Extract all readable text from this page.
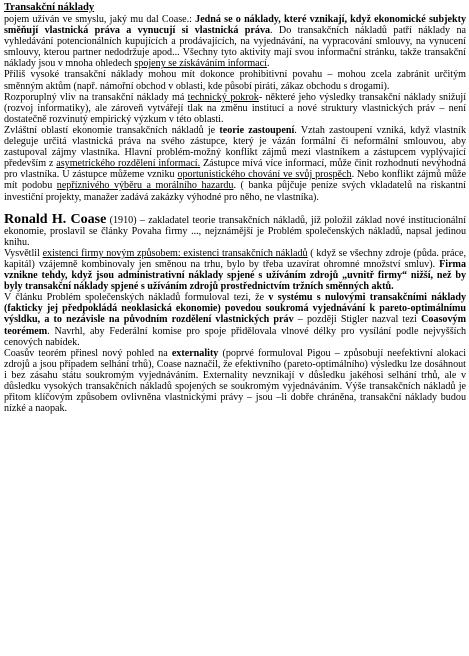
Transakční náklady

pojem užíván ve smyslu, jaký mu dal Coase.: Jedná se o náklady, které vznikají, když ekonomické subjekty směňují vlastnická práva a vynucují si vlastnická práva. Do transakčních nákladů patří náklady na vyhledávání potencionálních kupujících a prodávajících, na vyjednávání, na vypracování smlouvy, na vynucení smlouvy, kterou partner nedodržuje apod... Všechny tyto aktivity mají svou informační stránku, takže transakční náklady jsou v mnoha ohledech spojeny se získáváním informací.

Příliš vysoké transakční náklady mohou mít dokonce prohibitivní povahu – mohou zcela zabránit určitým směnným aktům (např. námořní obchod v oblasti, kde působí piráti, zákaz obchodu s drogami).

Rozporuplný vliv na transakční náklady má technický pokrok- některé jeho výsledky transakční náklady snižují (rozvoj informatiky), ale zároveň vytvářejí tlak na změnu institucí a nové struktury vlastnických práv – není dostatečně rozvinutý empirický výzkum v této oblasti.

Zvláštní oblastí ekonomie transakčních nákladů je teorie zastoupení. Vztah zastoupení vzniká, když vlastník deleguje určitá vlastnická práva na svého zástupce, který je vázán formální či neformální smlouvou, aby zastupoval zájmy vlastníka. Hlavní problém-možný konflikt zájmů mezi vlastníkem a zástupcem vyplývající především z asymetrického rozdělení informací. Zástupce mívá více informací, může činit rozhodnutí nevýhodná pro vlastníka. U zástupce můžeme vzniku oportunistického chování ve svůj prospěch. Nebo konflikt zájmů může mít podobu nepříznivého výběru a morálního hazardu. ( banka půjčuje peníze svých vkladatelů na riskantní investiční projekty, manažer zadává zakázky výhodné pro něho, ne vlastníka).

Ronald H. Coase (1910) – zakladatel teorie transakčních nákladů, jíž položil základ nové institucionální ekonomie, proslavil se články Povaha firmy ..., nejznámější je Problém společenských nákladů, napsal jedinou knihu.

Vysvětlil existenci firmy novým způsobem: existenci transakčních nákladů ( když se všechny zdroje (půda. práce, kapitál) vzájemně kombinovaly jen směnou na trhu, bylo by třeba uzavírat ohromné množství smluv). Firma vznikne tehdy, když jsou administrativní náklady spjené s užíváním zdrojů „uvnitř firmy“ nižší, než by byly transakční náklady spjené s užíváním zdrojů prostřednictvím tržních směnných aktů.

V článku Problém společenských nákladů formuloval tezi, že v systému s nulovými transakčními náklady (fakticky jej předpokládá neoklasická ekonomie) povedou soukromá vyjednávání k pareto-optimálnímu výsldku, a to nezávisle na původním rozdělení vlastnických práv – později Stigler nazval tezi Coasovým teorémem. Navrhl, aby Federální komise pro spoje přidělovala vlnové délky pro vysílání podle nejvyšších cenových nabídek.

Coasův teorém přinesl nový pohled na externality (poprvé formuloval Pigou – způsobují neefektivní alokaci zdrojů a jsou případem selhání trhů), Coase naznačil, že efektivního (pareto-optimálního) výsledku lze dosáhnout i bez zásahu státu soukromým vyjednáváním. Externality nevznikají v důsledku jakéhosi selhání trhů, ale v důsledku vysokých transakčních nákladů spojených se soukromým vyjednáváním. Výše transakčních nákladů je přitom klíčovým způsobem ovlivněna vlastnickými právy – jsou –li dobře chráněna, transakční náklady budou nízké a naopak.
